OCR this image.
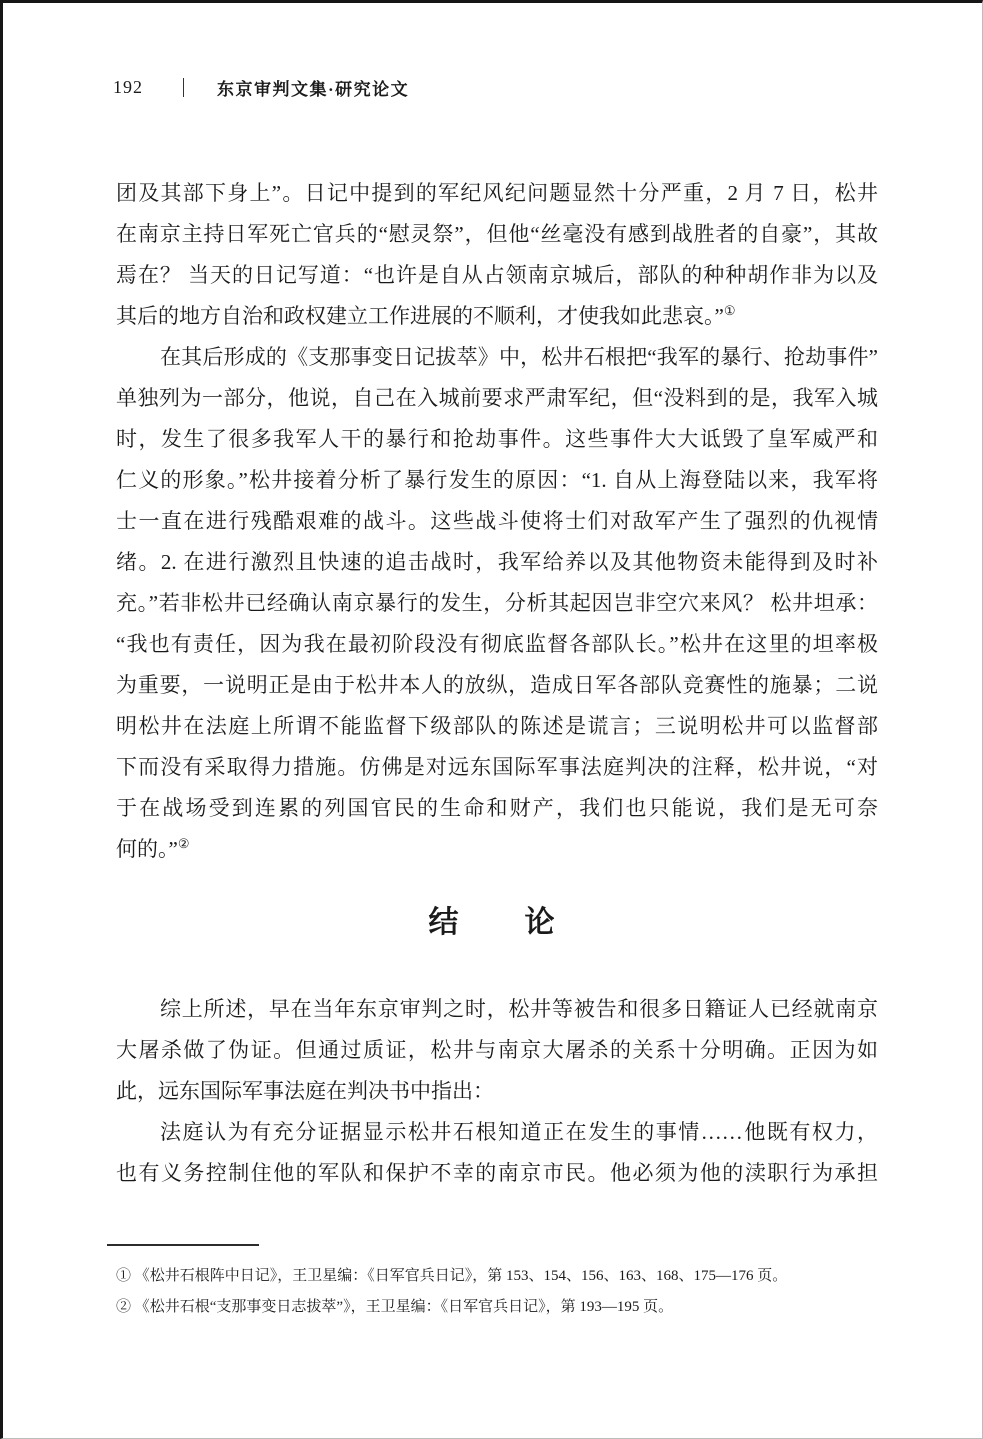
192	东京审判文集·研究论文
团及其部下身上”。日记中提到的军纪风纪问题显然十分严重，2 月 7 日，松井
在南京主持日军死亡官兵的“慰灵祭”，但他“丝毫没有感到战胜者的自豪”，其故
焉在？ 当天的日记写道：“也许是自从占领南京城后，部队的种种胡作非为以及
其后的地方自治和政权建立工作进展的不顺利，才使我如此悲哀。”①
在其后形成的《支那事变日记拔萃》中，松井石根把“我军的暴行、抢劫事件”
单独列为一部分，他说，自己在入城前要求严肃军纪，但“没料到的是，我军入城
时，发生了很多我军人干的暴行和抢劫事件。这些事件大大诋毁了皇军威严和
仁义的形象。”松井接着分析了暴行发生的原因：“1. 自从上海登陆以来，我军将
士一直在进行残酷艰难的战斗。这些战斗使将士们对敌军产生了强烈的仇视情
绪。2. 在进行激烈且快速的追击战时，我军给养以及其他物资未能得到及时补
充。”若非松井已经确认南京暴行的发生，分析其起因岂非空穴来风？ 松井坦承：
“我也有责任，因为我在最初阶段没有彻底监督各部队长。”松井在这里的坦率极
为重要，一说明正是由于松井本人的放纵，造成日军各部队竞赛性的施暴；二说
明松井在法庭上所谓不能监督下级部队的陈述是谎言；三说明松井可以监督部
下而没有采取得力措施。仿佛是对远东国际军事法庭判决的注释，松井说，“对
于在战场受到连累的列国官民的生命和财产，我们也只能说，我们是无可奈
何的。”②
结　　论
综上所述，早在当年东京审判之时，松井等被告和很多日籍证人已经就南京
大屠杀做了伪证。但通过质证，松井与南京大屠杀的关系十分明确。正因为如
此，远东国际军事法庭在判决书中指出：
法庭认为有充分证据显示松井石根知道正在发生的事情……他既有权力，
也有义务控制住他的军队和保护不幸的南京市民。他必须为他的渎职行为承担
① 《松井石根阵中日记》，王卫星编：《日军官兵日记》，第 153、154、156、163、168、175—176 页。
② 《松井石根“支那事变日志拔萃”》，王卫星编：《日军官兵日记》，第 193—195 页。
